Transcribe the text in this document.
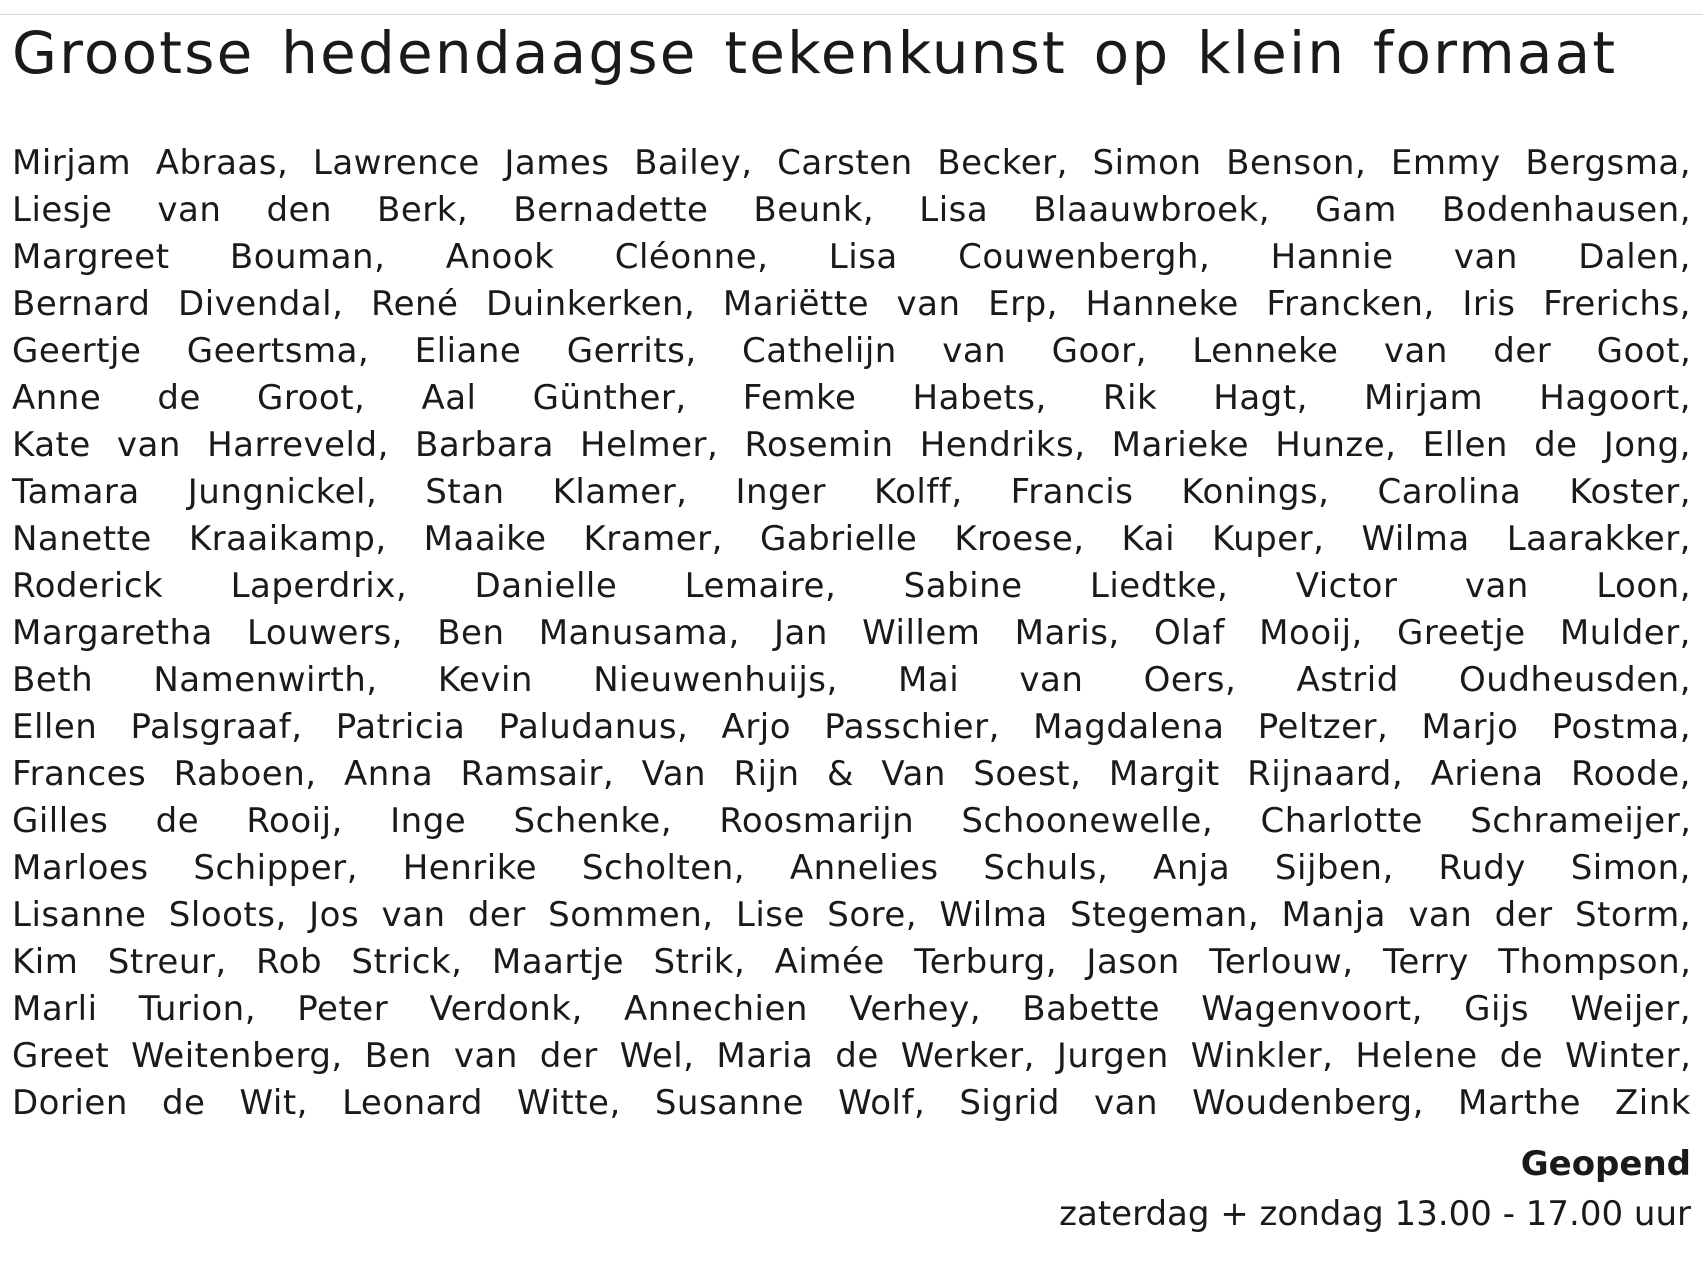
Grootse hedendaagse tekenkunst op klein formaat
Mirjam Abraas, Lawrence James Bailey, Carsten Becker, Simon Benson, Emmy Bergsma,
Liesje van den Berk, Bernadette Beunk, Lisa Blaauwbroek, Gam Bodenhausen,
Margreet Bouman, Anook Cléonne, Lisa Couwenbergh, Hannie van Dalen,
Bernard Divendal, René Duinkerken, Mariëtte van Erp, Hanneke Francken, Iris Frerichs,
Geertje Geertsma, Eliane Gerrits, Cathelijn van Goor, Lenneke van der Goot,
Anne de Groot, Aal Günther, Femke Habets, Rik Hagt, Mirjam Hagoort,
Kate van Harreveld, Barbara Helmer, Rosemin Hendriks, Marieke Hunze, Ellen de Jong,
Tamara Jungnickel, Stan Klamer, Inger Kolff, Francis Konings, Carolina Koster,
Nanette Kraaikamp, Maaike Kramer, Gabrielle Kroese, Kai Kuper, Wilma Laarakker,
Roderick Laperdrix, Danielle Lemaire, Sabine Liedtke, Victor van Loon,
Margaretha Louwers, Ben Manusama, Jan Willem Maris, Olaf Mooij, Greetje Mulder,
Beth Namenwirth, Kevin Nieuwenhuijs, Mai van Oers, Astrid Oudheusden,
Ellen Palsgraaf, Patricia Paludanus, Arjo Passchier, Magdalena Peltzer, Marjo Postma,
Frances Raboen, Anna Ramsair, Van Rijn & Van Soest, Margit Rijnaard, Ariena Roode,
Gilles de Rooij, Inge Schenke, Roosmarijn Schoonewelle, Charlotte Schrameijer,
Marloes Schipper, Henrike Scholten, Annelies Schuls, Anja Sijben, Rudy Simon,
Lisanne Sloots, Jos van der Sommen, Lise Sore, Wilma Stegeman, Manja van der Storm,
Kim Streur, Rob Strick, Maartje Strik, Aimée Terburg, Jason Terlouw, Terry Thompson,
Marli Turion, Peter Verdonk, Annechien Verhey, Babette Wagenvoort, Gijs Weijer,
Greet Weitenberg, Ben van der Wel, Maria de Werker, Jurgen Winkler, Helene de Winter,
Dorien de Wit, Leonard Witte, Susanne Wolf, Sigrid van Woudenberg, Marthe Zink
Geopend
zaterdag + zondag 13.00 - 17.00 uur
